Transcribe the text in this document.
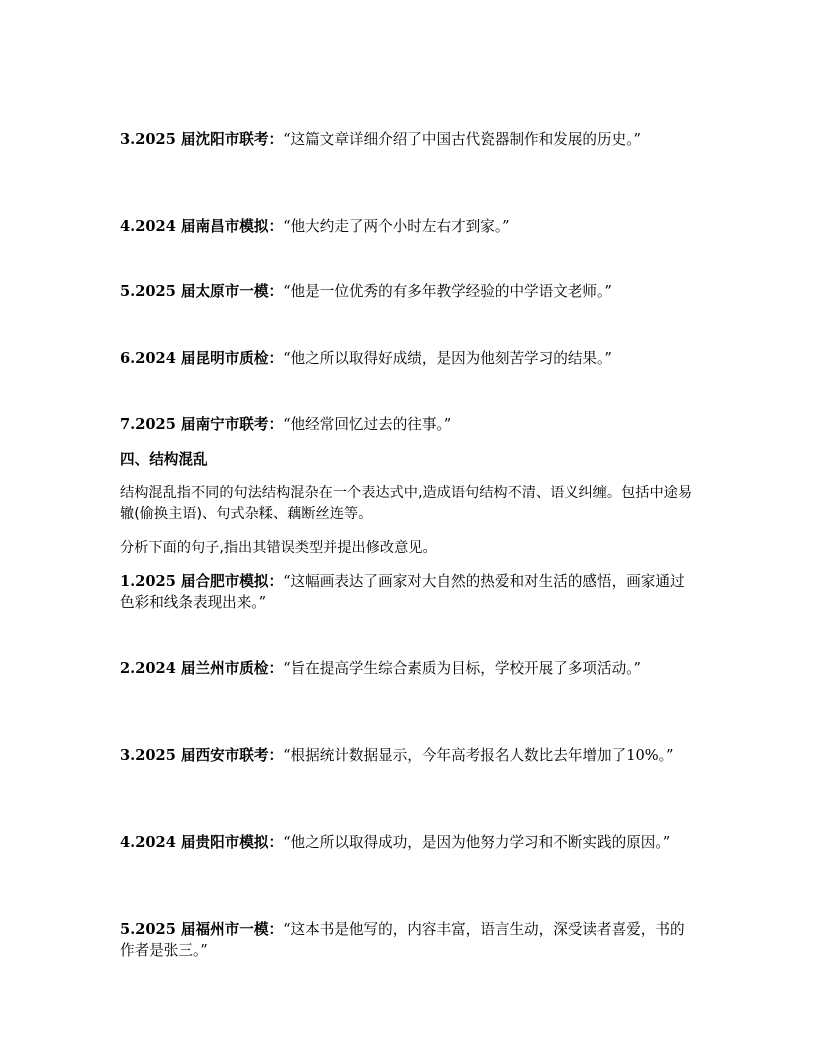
3.2025 届沈阳市联考：“这篇文章详细介绍了中国古代瓷器制作和发展的历史。”
4.2024 届南昌市模拟：“他大约走了两个小时左右才到家。”
5.2025 届太原市一模：“他是一位优秀的有多年教学经验的中学语文老师。”
6.2024 届昆明市质检：“他之所以取得好成绩，是因为他刻苦学习的结果。”
7.2025 届南宁市联考：“他经常回忆过去的往事。”
四、结构混乱
结构混乱指不同的句法结构混杂在一个表达式中,造成语句结构不清、语义纠缠。包括中途易辙(偷换主语)、句式杂糅、藕断丝连等。
分析下面的句子,指出其错误类型并提出修改意见。
1.2025 届合肥市模拟：“这幅画表达了画家对大自然的热爱和对生活的感悟，画家通过色彩和线条表现出来。”
2.2024 届兰州市质检：“旨在提高学生综合素质为目标，学校开展了多项活动。”
3.2025 届西安市联考：“根据统计数据显示，今年高考报名人数比去年增加了10%。”
4.2024 届贵阳市模拟：“他之所以取得成功，是因为他努力学习和不断实践的原因。”
5.2025 届福州市一模：“这本书是他写的，内容丰富，语言生动，深受读者喜爱，书的作者是张三。”
